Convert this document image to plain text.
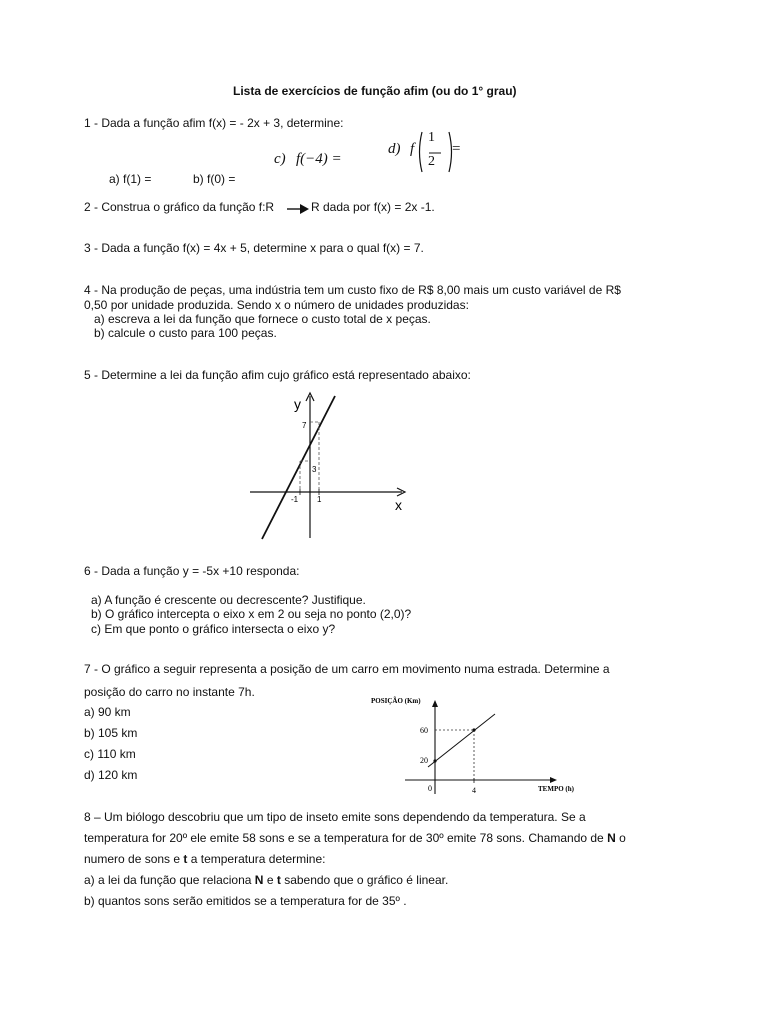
Lista de exercícios de função afim (ou do 1° grau)
1 - Dada a função afim f(x) = - 2x + 3, determine:
a) f(1) =	b) f(0) =
c) f(−4) =
d) f
1
2
=
2 - Construa o gráfico da função f:R	R dada por f(x) = 2x -1.
3 - Dada a função f(x) = 4x + 5, determine x para o qual f(x) = 7.
4 - Na produção de peças, uma indústria tem um custo fixo de R$ 8,00 mais um custo variável de R$
0,50 por unidade produzida. Sendo x o número de unidades produzidas:
a) escreva a lei da função que fornece o custo total de x peças.
b) calcule o custo para 100 peças.
5 - Determine a lei da função afim cujo gráfico está representado abaixo:
y
x
7
3
-1 1
6 - Dada a função y = -5x +10 responda:
a) A função é crescente ou decrescente? Justifique.
b) O gráfico intercepta o eixo x em 2 ou seja no ponto (2,0)?
c) Em que ponto o gráfico intersecta o eixo y?
7 - O gráfico a seguir representa a posição de um carro em movimento numa estrada. Determine a
posição do carro no instante 7h.
a) 90 km
b) 105 km
c) 110 km
d) 120 km
POSIÇÃO (Km)
TEMPO (h)
60
20
0	4
8 – Um biólogo descobriu que um tipo de inseto emite sons dependendo da temperatura. Se a
temperatura for 20º ele emite 58 sons e se a temperatura for de 30º emite 78 sons. Chamando de N o
numero de sons e t a temperatura determine:
a) a lei da função que relaciona N e t sabendo que o gráfico é linear.
b) quantos sons serão emitidos se a temperatura for de 35º .
